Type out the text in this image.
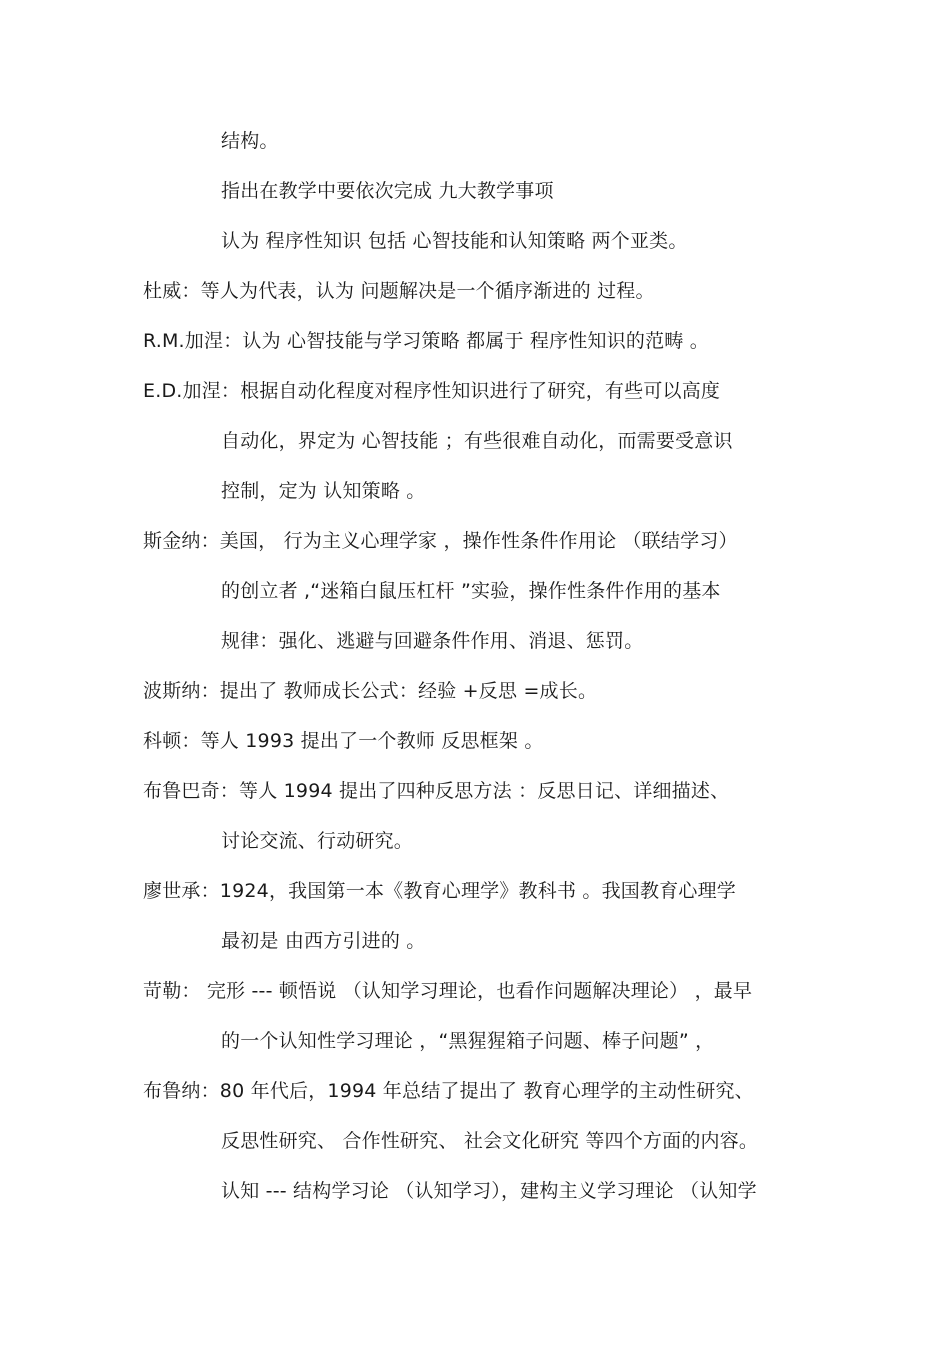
结构。
指出在教学中要依次完成 九大教学事项
认为 程序性知识 包括 心智技能和认知策略 两个亚类。
杜威：等人为代表，认为 问题解决是一个循序渐进的 过程。
R.M.加涅：认为 心智技能与学习策略 都属于 程序性知识的范畴 。
E.D.加涅：根据自动化程度对程序性知识进行了研究，有些可以高度
自动化，界定为 心智技能 ；有些很难自动化，而需要受意识
控制，定为 认知策略 。
斯金纳：美国， 行为主义心理学家 ，操作性条件作用论 （联结学习）
的创立者 ,“迷箱白鼠压杠杆 ”实验，操作性条件作用的基本
规律：强化、逃避与回避条件作用、消退、惩罚。
波斯纳：提出了 教师成长公式：经验 +反思 =成长。
科顿：等人 1993 提出了一个教师 反思框架 。
布鲁巴奇：等人 1994 提出了四种反思方法 ：反思日记、详细描述、
讨论交流、行动研究。
廖世承：1924，我国第一本《教育心理学》教科书 。我国教育心理学
最初是 由西方引进的 。
苛勒： 完形 --- 顿悟说 （认知学习理论，也看作问题解决理论） ，最早
的一个认知性学习理论 ，“黑猩猩箱子问题、棒子问题” ，
布鲁纳：80 年代后，1994 年总结了提出了 教育心理学的主动性研究、
反思性研究、 合作性研究、 社会文化研究 等四个方面的内容。
认知 --- 结构学习论 （认知学习），建构主义学习理论 （认知学
